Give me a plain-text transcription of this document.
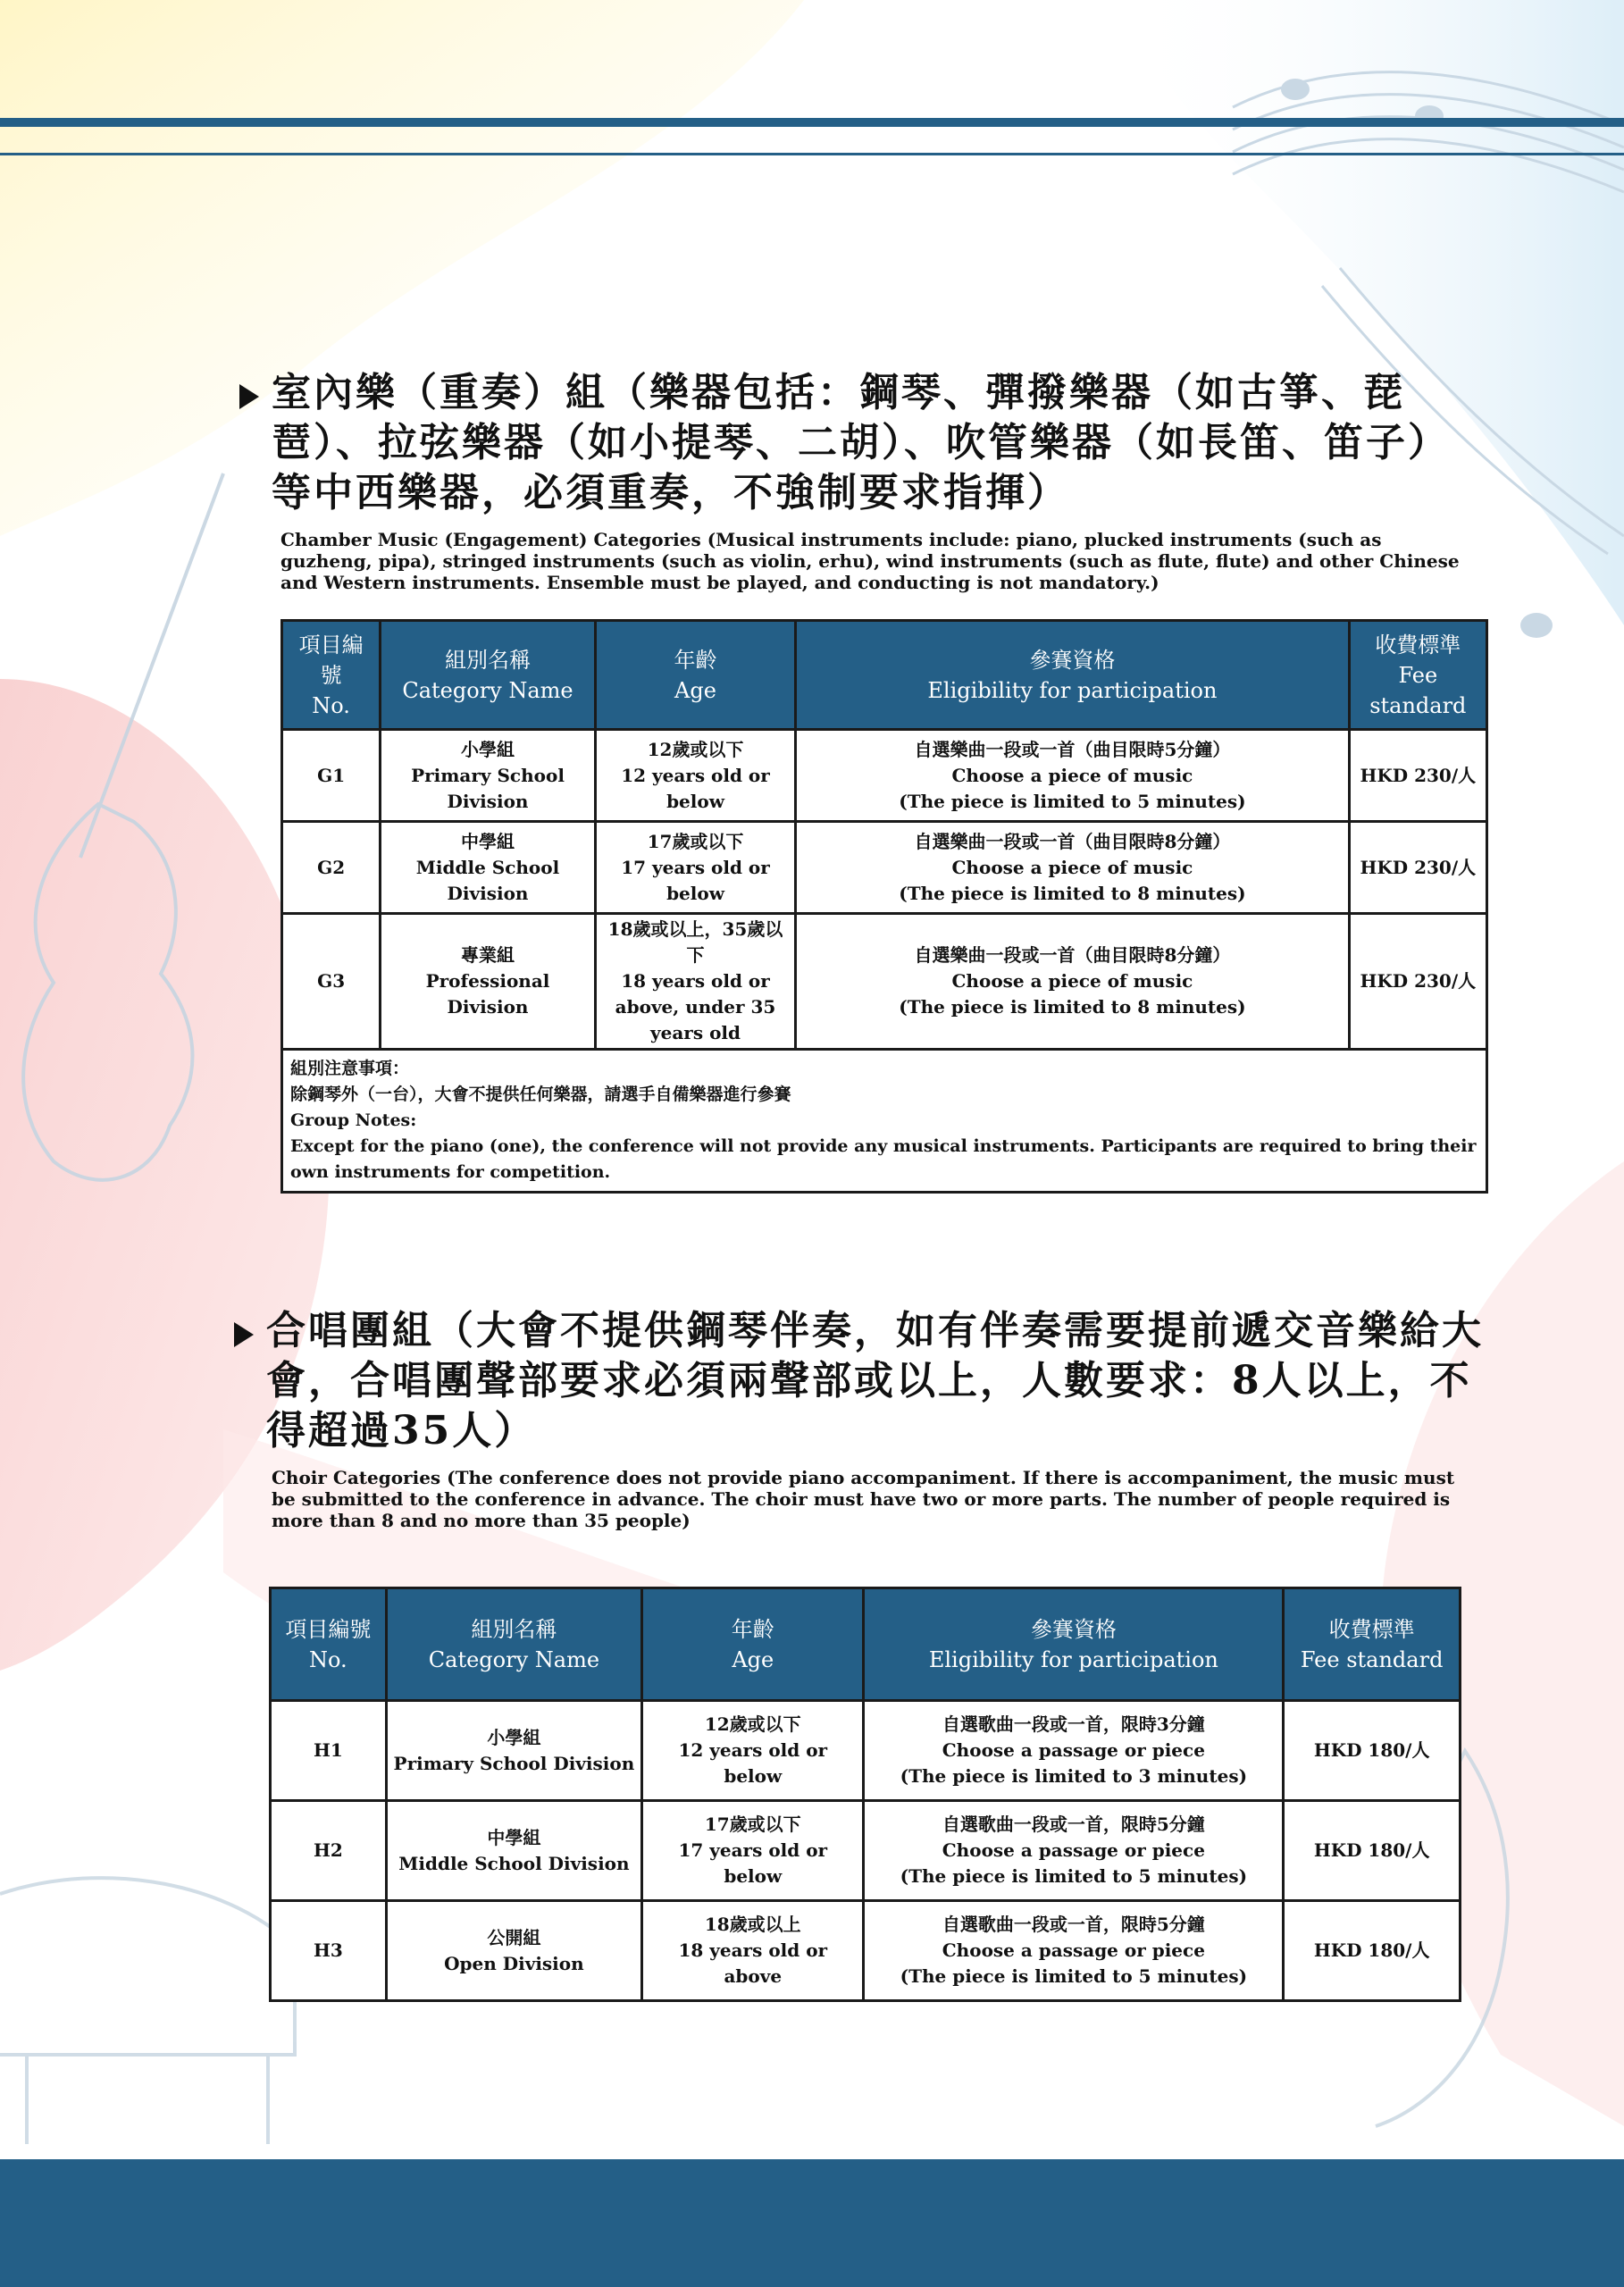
室內樂（重奏）組（樂器包括：鋼琴、彈撥樂器（如古箏、琵琶）、拉弦樂器（如小提琴、二胡）、吹管樂器（如長笛、笛子）等中西樂器，必須重奏，不強制要求指揮）

Chamber Music (Engagement) Categories (Musical instruments include: piano, plucked instruments (such as guzheng, pipa), stringed instruments (such as violin, erhu), wind instruments (such as flute, flute) and other Chinese and Western instruments. Ensemble must be played, and conducting is not mandatory.)

項目編號
No.	組別名稱
Category Name	年齡
Age	參賽資格
Eligibility for participation	收費標準
Fee standard

G1	小學組
Primary School Division	12歲或以下
12 years old or below	自選樂曲一段或一首（曲目限時5分鐘）
Choose a piece of music
(The piece is limited to 5 minutes)	HKD 230/人
G2	中學組
Middle School Division	17歲或以下
17 years old or below	自選樂曲一段或一首（曲目限時8分鐘）
Choose a piece of music
(The piece is limited to 8 minutes)	HKD 230/人
G3	專業組
Professional Division	18歲或以上，35歲以下
18 years old or above, under 35 years old	自選樂曲一段或一首（曲目限時8分鐘）
Choose a piece of music
(The piece is limited to 8 minutes)	HKD 230/人

組別注意事項：
除鋼琴外（一台），大會不提供任何樂器，請選手自備樂器進行參賽
Group Notes:
Except for the piano (one), the conference will not provide any musical instruments. Participants are required to bring their own instruments for competition.				

合唱團組（大會不提供鋼琴伴奏，如有伴奏需要提前遞交音樂給大會，合唱團聲部要求必須兩聲部或以上，人數要求：8人以上，不得超過35人）

Choir Categories (The conference does not provide piano accompaniment. If there is accompaniment, the music must be submitted to the conference in advance. The choir must have two or more parts. The number of people required is more than 8 and no more than 35 people)

項目編號
No.	組別名稱
Category Name	年齡
Age	參賽資格
Eligibility for participation	收費標準
Fee standard

H1	小學組
Primary School Division	12歲或以下
12 years old or below	自選歌曲一段或一首，限時3分鐘
Choose a passage or piece
(The piece is limited to 3 minutes)	HKD 180/人
H2	中學組
Middle School Division	17歲或以下
17 years old or below	自選歌曲一段或一首，限時5分鐘
Choose a passage or piece
(The piece is limited to 5 minutes)	HKD 180/人
H3	公開組
Open Division	18歲或以上
18 years old or above	自選歌曲一段或一首，限時5分鐘
Choose a passage or piece
(The piece is limited to 5 minutes)	HKD 180/人
